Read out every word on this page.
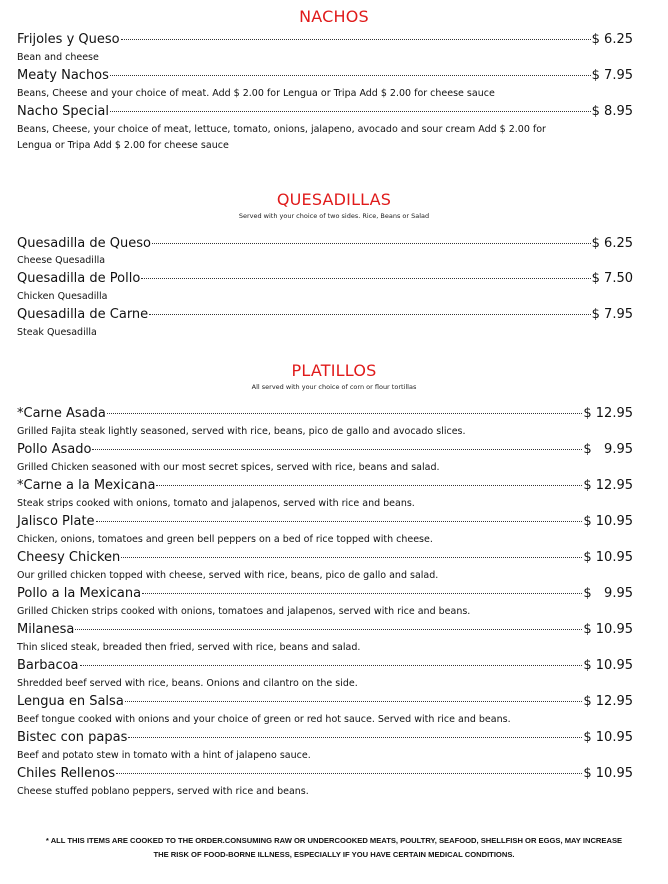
NACHOS
Frijoles y Queso	$ 6.25
Bean and cheese
Meaty Nachos	$ 7.95
Beans, Cheese and your choice of meat. Add $ 2.00 for Lengua or Tripa Add $ 2.00 for cheese sauce
Nacho Special	$ 8.95
Beans, Cheese, your choice of meat, lettuce, tomato, onions, jalapeno, avocado and sour cream Add $ 2.00 for
Lengua or Tripa Add $ 2.00 for cheese sauce
QUESADILLAS
Served with your choice of two sides. Rice, Beans or Salad
Quesadilla de Queso	$ 6.25
Cheese Quesadilla
Quesadilla de Pollo	$ 7.50
Chicken Quesadilla
Quesadilla de Carne	$ 7.95
Steak Quesadilla
PLATILLOS
All served with your choice of corn or flour tortillas
*Carne Asada	$ 12.95
Grilled Fajita steak lightly seasoned, served with rice, beans, pico de gallo and avocado slices.
Pollo Asado	$   9.95
Grilled Chicken seasoned with our most secret spices, served with rice, beans and salad.
*Carne a la Mexicana	$ 12.95
Steak strips cooked with onions, tomato and jalapenos, served with rice and beans.
Jalisco Plate	$ 10.95
Chicken, onions, tomatoes and green bell peppers on a bed of rice topped with cheese.
Cheesy Chicken	$ 10.95
Our grilled chicken topped with cheese, served with rice, beans, pico de gallo and salad.
Pollo a la Mexicana	$   9.95
Grilled Chicken strips cooked with onions, tomatoes and jalapenos, served with rice and beans.
Milanesa	$ 10.95
Thin sliced steak, breaded then fried, served with rice, beans and salad.
Barbacoa	$ 10.95
Shredded beef served with rice, beans. Onions and cilantro on the side.
Lengua en Salsa	$ 12.95
Beef tongue cooked with onions and your choice of green or red hot sauce. Served with rice and beans.
Bistec con papas	$ 10.95
Beef and potato stew in tomato with a hint of jalapeno sauce.
Chiles Rellenos	$ 10.95
Cheese stuffed poblano peppers, served with rice and beans.
* ALL THIS ITEMS ARE COOKED TO THE ORDER.CONSUMING RAW OR UNDERCOOKED MEATS, POULTRY, SEAFOOD, SHELLFISH OR EGGS, MAY INCREASE
THE RISK OF FOOD-BORNE ILLNESS, ESPECIALLY IF YOU HAVE CERTAIN MEDICAL CONDITIONS.
